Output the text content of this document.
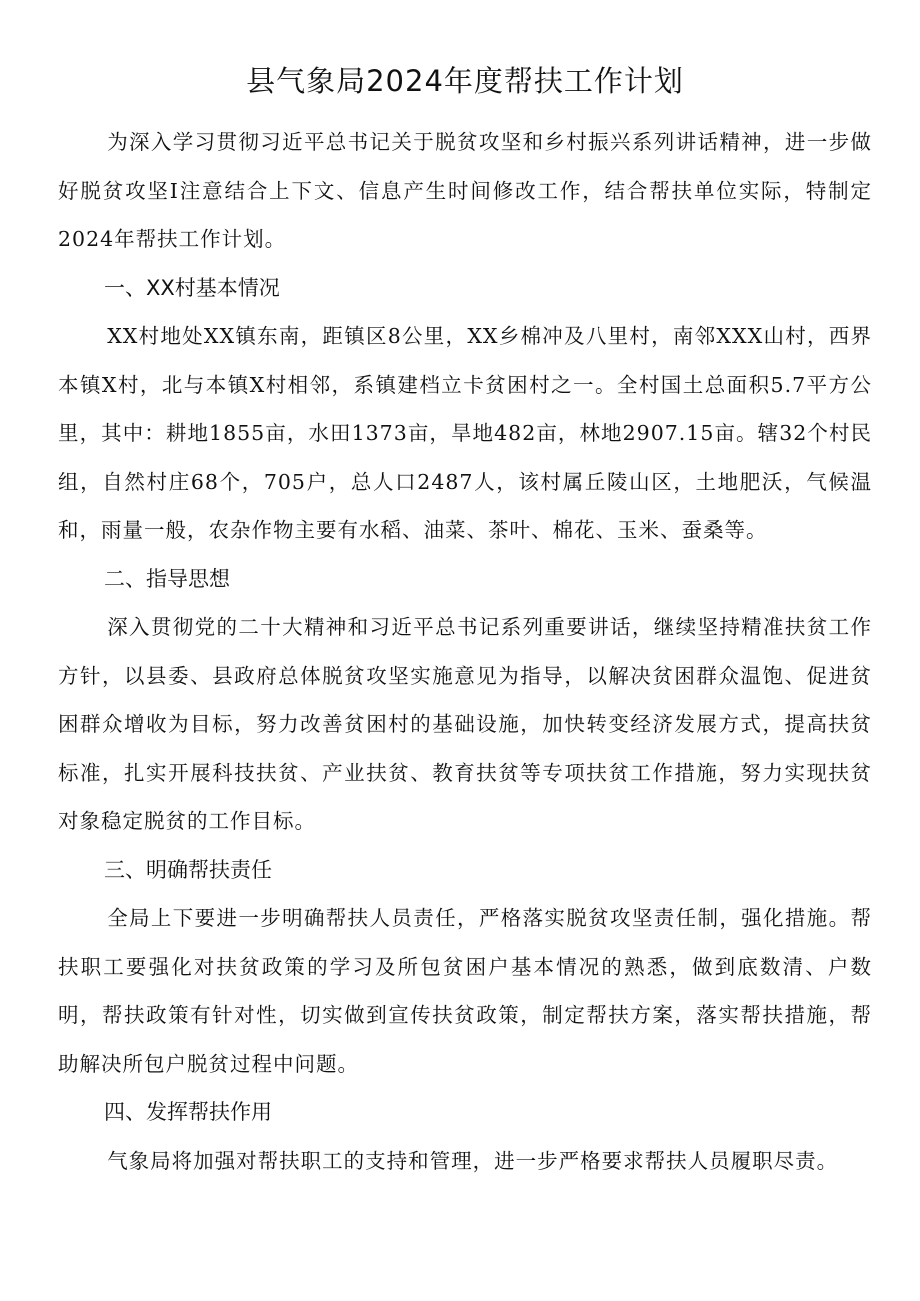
县气象局2024年度帮扶工作计划

为深入学习贯彻习近平总书记关于脱贫攻坚和乡村振兴系列讲话精神，进一步做好脱贫攻坚I注意结合上下文、信息产生时间修改工作，结合帮扶单位实际，特制定2024年帮扶工作计划。

一、XX村基本情况

XX村地处XX镇东南，距镇区8公里，XX乡棉冲及八里村，南邻XXX山村，西界本镇X村，北与本镇X村相邻，系镇建档立卡贫困村之一。全村国土总面积5.7平方公里，其中：耕地1855亩，水田1373亩，旱地482亩，林地2907.15亩。辖32个村民组，自然村庄68个，705户，总人口2487人，该村属丘陵山区，土地肥沃，气候温和，雨量一般，农杂作物主要有水稻、油菜、茶叶、棉花、玉米、蚕桑等。

二、指导思想

深入贯彻党的二十大精神和习近平总书记系列重要讲话，继续坚持精准扶贫工作方针，以县委、县政府总体脱贫攻坚实施意见为指导，以解决贫困群众温饱、促进贫困群众增收为目标，努力改善贫困村的基础设施，加快转变经济发展方式，提高扶贫标准，扎实开展科技扶贫、产业扶贫、教育扶贫等专项扶贫工作措施，努力实现扶贫对象稳定脱贫的工作目标。

三、明确帮扶责任

全局上下要进一步明确帮扶人员责任，严格落实脱贫攻坚责任制，强化措施。帮扶职工要强化对扶贫政策的学习及所包贫困户基本情况的熟悉，做到底数清、户数明，帮扶政策有针对性，切实做到宣传扶贫政策，制定帮扶方案，落实帮扶措施，帮助解决所包户脱贫过程中问题。

四、发挥帮扶作用

气象局将加强对帮扶职工的支持和管理，进一步严格要求帮扶人员履职尽责。
